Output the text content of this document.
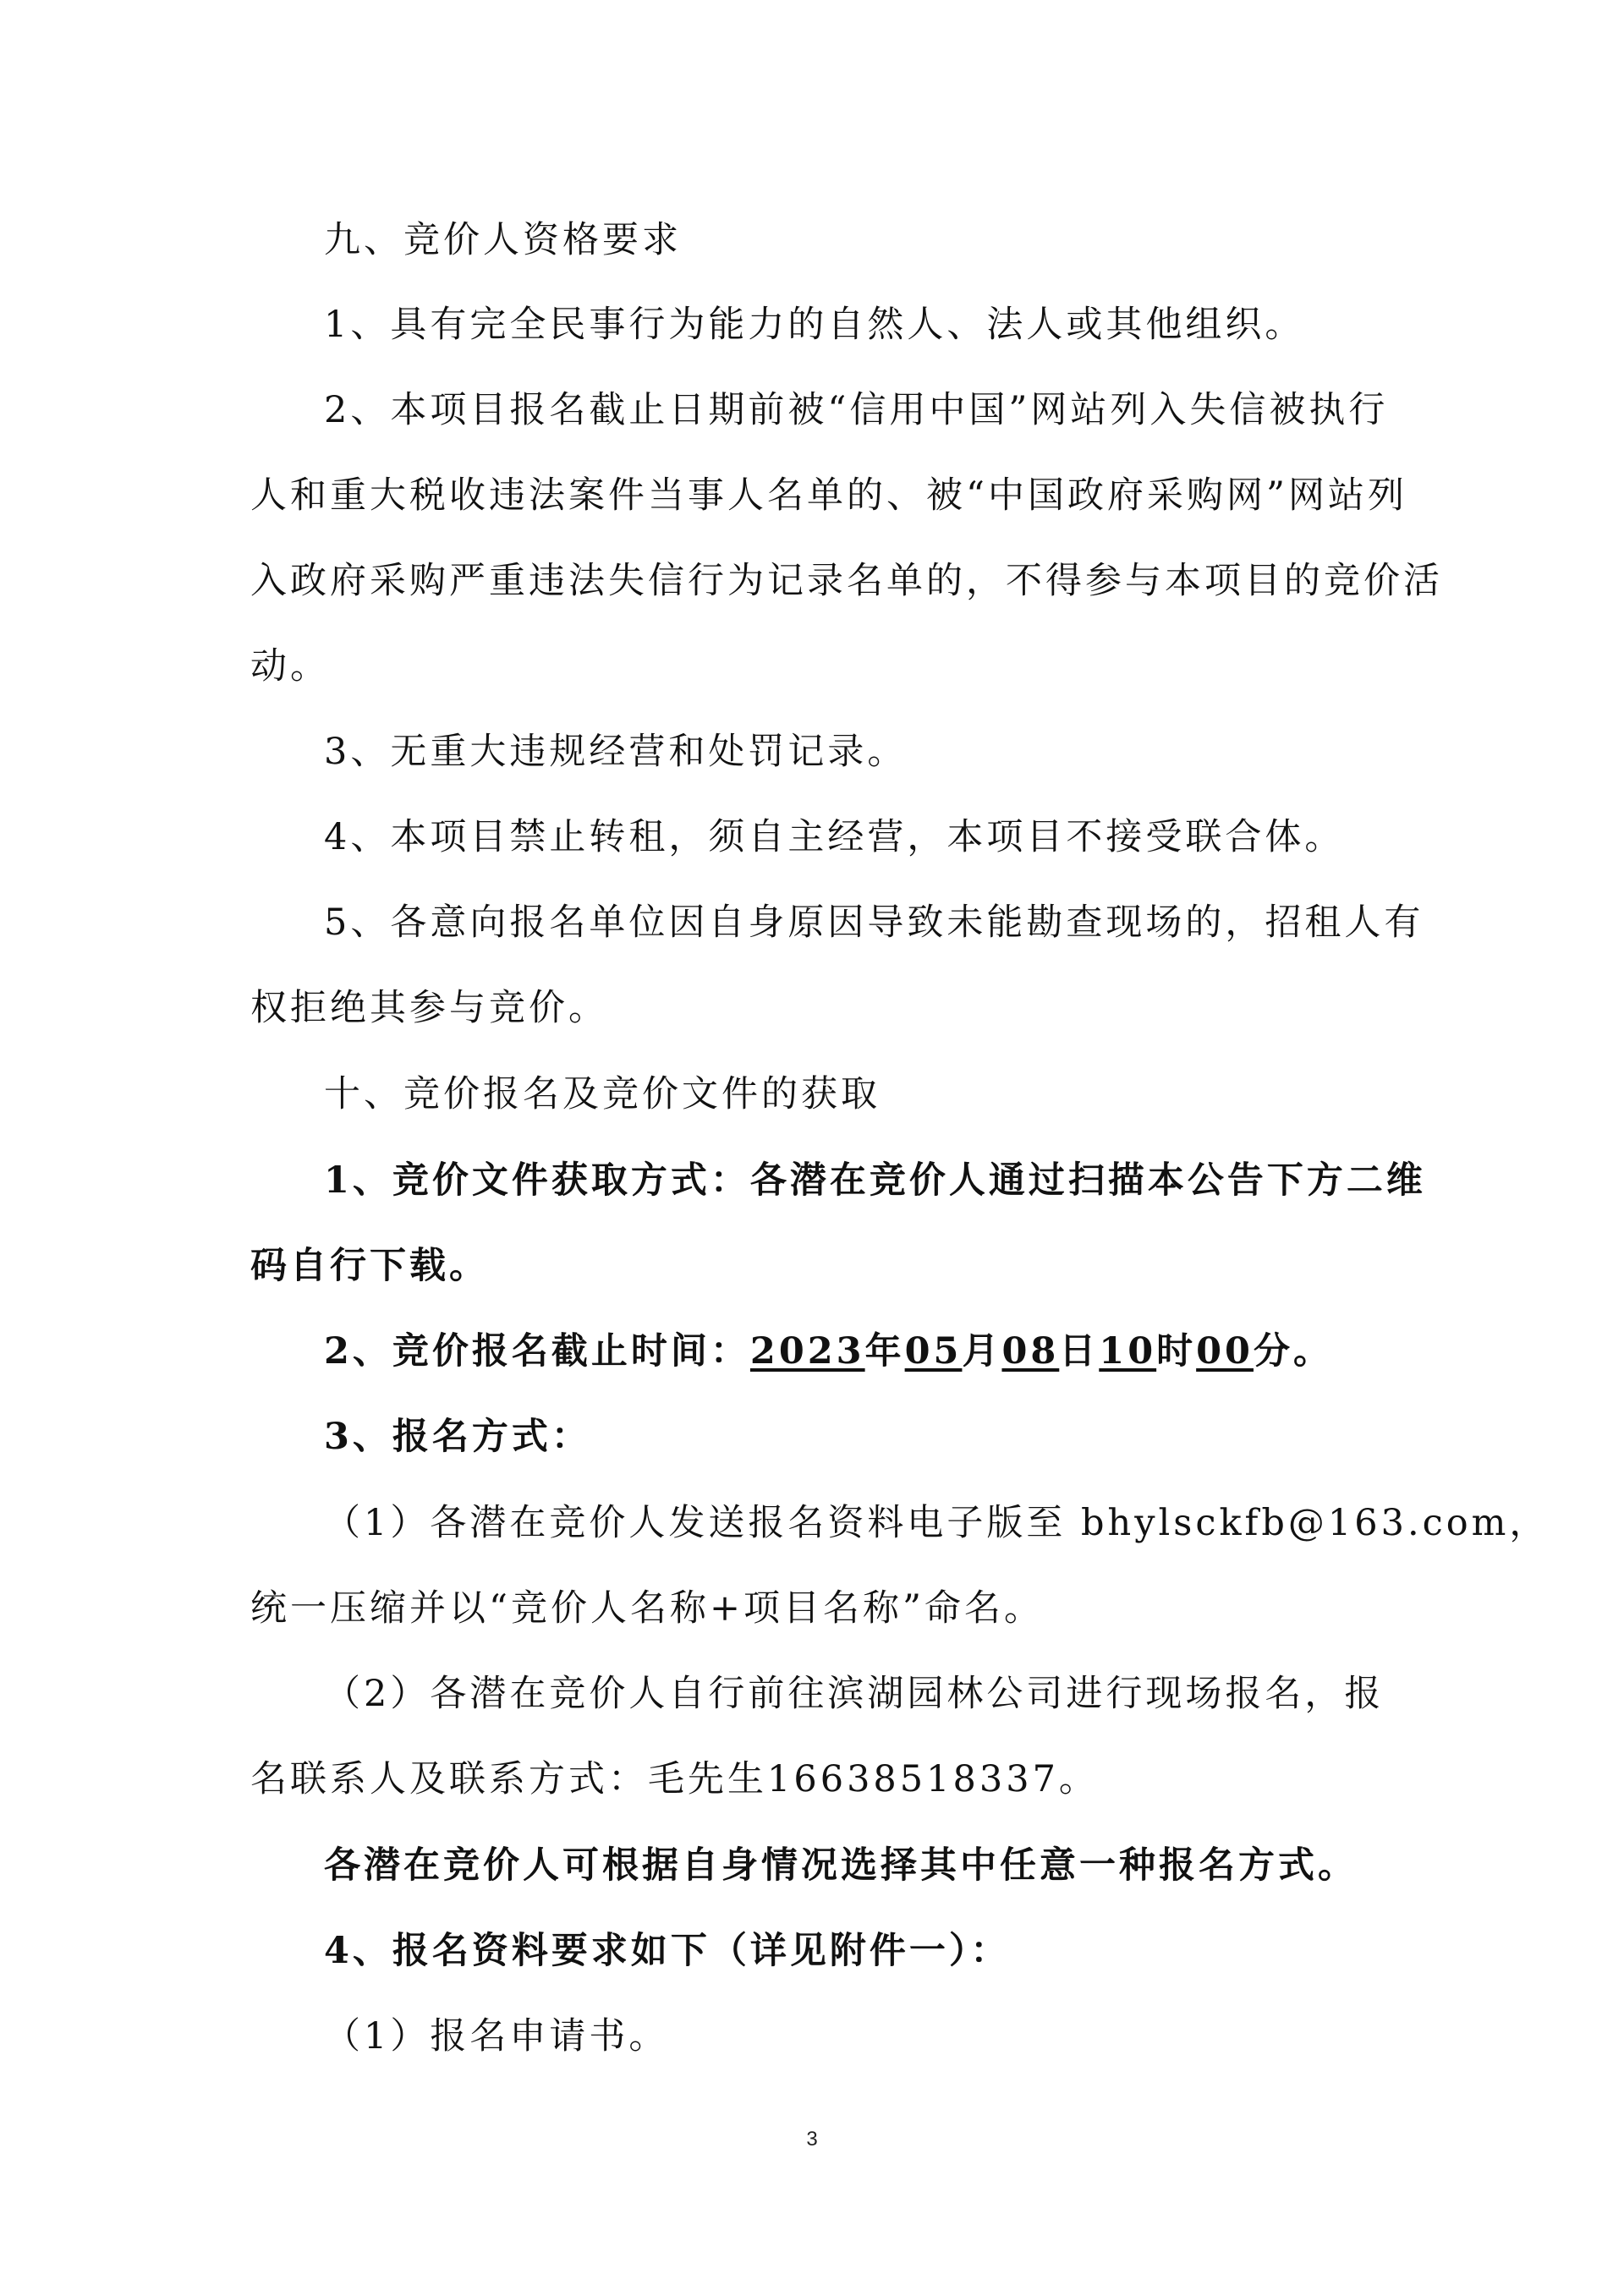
九、竞价人资格要求
1、具有完全民事行为能力的自然人、法人或其他组织。
2、本项目报名截止日期前被“信用中国”网站列入失信被执行
人和重大税收违法案件当事人名单的、被“中国政府采购网”网站列
入政府采购严重违法失信行为记录名单的，不得参与本项目的竞价活
动。
3、无重大违规经营和处罚记录。
4、本项目禁止转租，须自主经营，本项目不接受联合体。
5、各意向报名单位因自身原因导致未能勘查现场的，招租人有
权拒绝其参与竞价。
十、竞价报名及竞价文件的获取
1、竞价文件获取方式：各潜在竞价人通过扫描本公告下方二维
码自行下载。
2、竞价报名截止时间：2023年05月08日10时00分。
3、报名方式：
（1）各潜在竞价人发送报名资料电子版至 bhylsckfb@163.com，
统一压缩并以“竞价人名称+项目名称”命名。
（2）各潜在竞价人自行前往滨湖园林公司进行现场报名，报
名联系人及联系方式：毛先生16638518337。
各潜在竞价人可根据自身情况选择其中任意一种报名方式。
4、报名资料要求如下（详见附件一）：
（1）报名申请书。
3
